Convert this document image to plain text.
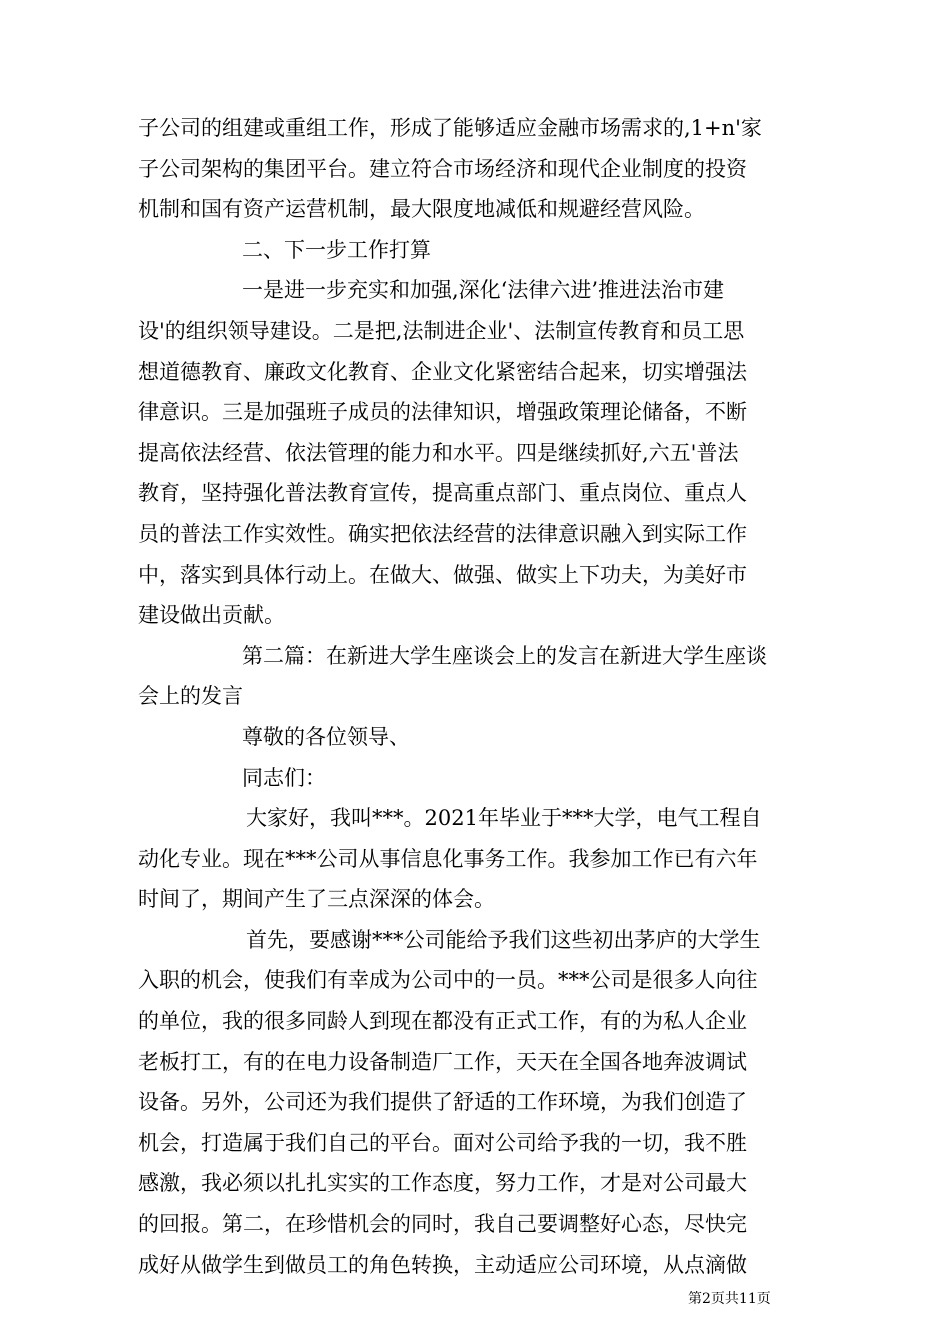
子公司的组建或重组工作，形成了能够适应金融市场需求的,1+n'家
子公司架构的集团平台。建立符合市场经济和现代企业制度的投资
机制和国有资产运营机制，最大限度地减低和规避经营风险。
二、下一步工作打算
一是进一步充实和加强,深化‘法律六进’推进法治市建
设'的组织领导建设。二是把,法制进企业'、法制宣传教育和员工思
想道德教育、廉政文化教育、企业文化紧密结合起来，切实增强法
律意识。三是加强班子成员的法律知识，增强政策理论储备，不断
提高依法经营、依法管理的能力和水平。四是继续抓好,六五'普法
教育，坚持强化普法教育宣传，提高重点部门、重点岗位、重点人
员的普法工作实效性。确实把依法经营的法律意识融入到实际工作
中，落实到具体行动上。在做大、做强、做实上下功夫，为美好市
建设做出贡献。
第二篇：在新进大学生座谈会上的发言在新进大学生座谈
会上的发言
尊敬的各位领导、
同志们：
大家好，我叫***。2021年毕业于***大学，电气工程自
动化专业。现在***公司从事信息化事务工作。我参加工作已有六年
时间了，期间产生了三点深深的体会。
首先，要感谢***公司能给予我们这些初出茅庐的大学生
入职的机会，使我们有幸成为公司中的一员。***公司是很多人向往
的单位，我的很多同龄人到现在都没有正式工作，有的为私人企业
老板打工，有的在电力设备制造厂工作，天天在全国各地奔波调试
设备。另外，公司还为我们提供了舒适的工作环境，为我们创造了
机会，打造属于我们自己的平台。面对公司给予我的一切，我不胜
感激，我必须以扎扎实实的工作态度，努力工作，才是对公司最大
的回报。第二，在珍惜机会的同时，我自己要调整好心态，尽快完
成好从做学生到做员工的角色转换，主动适应公司环境，从点滴做
第2页共11页
